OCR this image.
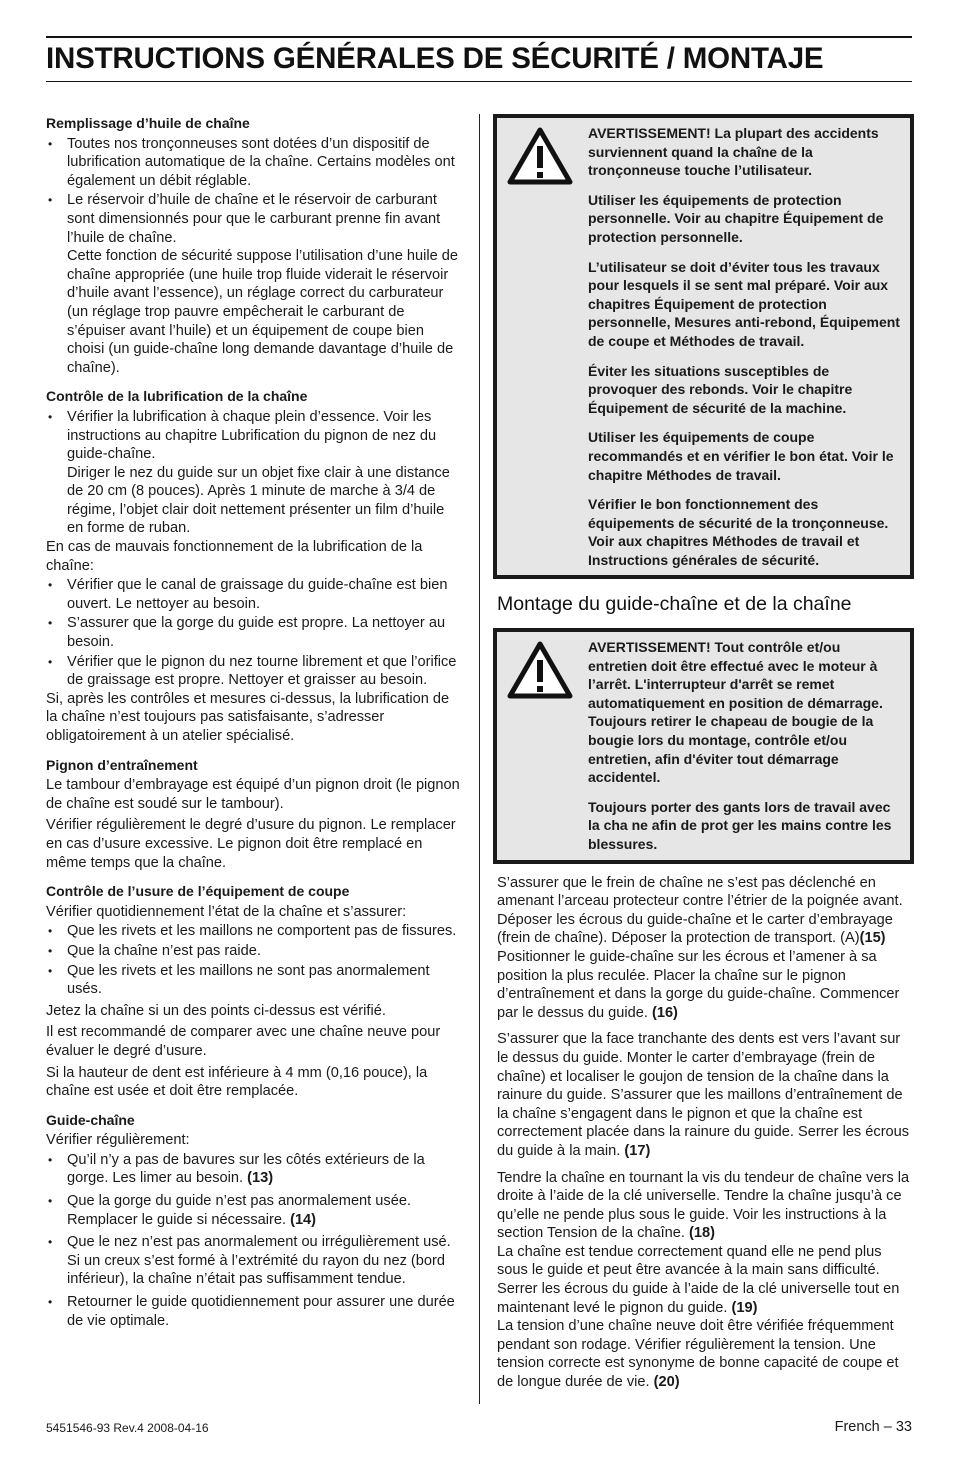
INSTRUCTIONS GÉNÉRALES DE SÉCURITÉ / MONTAJE
Remplissage d’huile de chaîne
• Toutes nos tronçonneuses sont dotées d’un dispositif de lubrification automatique de la chaîne. Certains modèles ont également un débit réglable.
• Le réservoir d’huile de chaîne et le réservoir de carburant sont dimensionnés pour que le carburant prenne fin avant l’huile de chaîne.

Cette fonction de sécurité suppose l’utilisation d’une huile de chaîne appropriée (une huile trop fluide viderait le réservoir d’huile avant l’essence), un réglage correct du carburateur (un réglage trop pauvre empêcherait le carburant de s’épuiser avant l’huile) et un équipement de coupe bien choisi (un guide-chaîne long demande davantage d’huile de chaîne).

Contrôle de la lubrification de la chaîne
• Vérifier la lubrification à chaque plein d’essence. Voir les instructions au chapitre Lubrification du pignon de nez du guide-chaîne.

Diriger le nez du guide sur un objet fixe clair à une distance de 20 cm (8 pouces). Après 1 minute de marche à 3/4 de régime, l’objet clair doit nettement présenter un film d’huile en forme de ruban.

En cas de mauvais fonctionnement de la lubrification de la chaîne:

• Vérifier que le canal de graissage du guide-chaîne est bien ouvert. Le nettoyer au besoin.
• S’assurer que la gorge du guide est propre. La nettoyer au besoin.
• Vérifier que le pignon du nez tourne librement et que l’orifice de graissage est propre. Nettoyer et graisser au besoin.

Si, après les contrôles et mesures ci-dessus, la lubrification de la chaîne n’est toujours pas satisfaisante, s’adresser obligatoirement à un atelier spécialisé.

Pignon d’entraînement

Le tambour d’embrayage est équipé d’un pignon droit (le pignon de chaîne est soudé sur le tambour).

Vérifier régulièrement le degré d’usure du pignon. Le remplacer en cas d’usure excessive. Le pignon doit être remplacé en même temps que la chaîne.

Contrôle de l’usure de l’équipement de coupe

Vérifier quotidiennement l’état de la chaîne et s’assurer:

• Que les rivets et les maillons ne comportent pas de fissures.
• Que la chaîne n’est pas raide.
• Que les rivets et les maillons ne sont pas anormalement usés.

Jetez la chaîne si un des points ci-dessus est vérifié.

Il est recommandé de comparer avec une chaîne neuve pour évaluer le degré d’usure.

Si la hauteur de dent est inférieure à 4 mm (0,16 pouce), la chaîne est usée et doit être remplacée.

Guide-chaîne

Vérifier régulièrement:

• Qu’il n’y a pas de bavures sur les côtés extérieurs de la gorge. Les limer au besoin. (13)
• Que la gorge du guide n’est pas anormalement usée. Remplacer le guide si nécessaire. (14)
• Que le nez n’est pas anormalement ou irrégulièrement usé. Si un creux s’est formé à l’extrémité du rayon du nez (bord inférieur), la chaîne n’était pas suffisamment tendue.
• Retourner le guide quotidiennement pour assurer une durée de vie optimale.

AVERTISSEMENT! La plupart des accidents surviennent quand la chaîne de la tronçonneuse touche l’utilisateur.

Utiliser les équipements de protection personnelle. Voir au chapitre Équipement de protection personnelle.

L’utilisateur se doit d’éviter tous les travaux pour lesquels il se sent mal préparé. Voir aux chapitres Équipement de protection personnelle, Mesures anti-rebond, Équipement de coupe et Méthodes de travail.

Éviter les situations susceptibles de provoquer des rebonds. Voir le chapitre Équipement de sécurité de la machine.

Utiliser les équipements de coupe recommandés et en vérifier le bon état. Voir le chapitre Méthodes de travail.

Vérifier le bon fonctionnement des équipements de sécurité de la tronçonneuse. Voir aux chapitres Méthodes de travail et Instructions générales de sécurité.

Montage du guide-chaîne et de la chaîne

AVERTISSEMENT! Tout contrôle et/ou entretien doit être effectué avec le moteur à l’arrêt. L'interrupteur d'arrêt se remet automatiquement en position de démarrage. Toujours retirer le chapeau de bougie de la bougie lors du montage, contrôle et/ou entretien, afin d'éviter tout démarrage accidentel.

Toujours porter des gants lors de travail avec la cha ne afin de prot ger les mains contre les blessures.

S’assurer que le frein de chaîne ne s’est pas déclenché en amenant l’arceau protecteur contre l’étrier de la poignée avant. Déposer les écrous du guide-chaîne et le carter d’embrayage (frein de chaîne). Déposer la protection de transport. (A)(15) Positionner le guide-chaîne sur les écrous et l’amener à sa position la plus reculée. Placer la chaîne sur le pignon d’entraînement et dans la gorge du guide-chaîne. Commencer par le dessus du guide. (16)

S’assurer que la face tranchante des dents est vers l’avant sur le dessus du guide. Monter le carter d’embrayage (frein de chaîne) et localiser le goujon de tension de la chaîne dans la rainure du guide. S’assurer que les maillons d’entraînement de la chaîne s’engagent dans le pignon et que la chaîne est correctement placée dans la rainure du guide. Serrer les écrous du guide à la main. (17)

Tendre la chaîne en tournant la vis du tendeur de chaîne vers la droite à l’aide de la clé universelle. Tendre la chaîne jusqu’à ce qu’elle ne pende plus sous le guide. Voir les instructions à la section Tension de la chaîne. (18)

La chaîne est tendue correctement quand elle ne pend plus sous le guide et peut être avancée à la main sans difficulté. Serrer les écrous du guide à l’aide de la clé universelle tout en maintenant levé le pignon du guide. (19)

La tension d’une chaîne neuve doit être vérifiée fréquemment pendant son rodage. Vérifier régulièrement la tension. Une tension correcte est synonyme de bonne capacité de coupe et de longue durée de vie. (20)

5451546-93 Rev.4 2008-04-16	French – 33
